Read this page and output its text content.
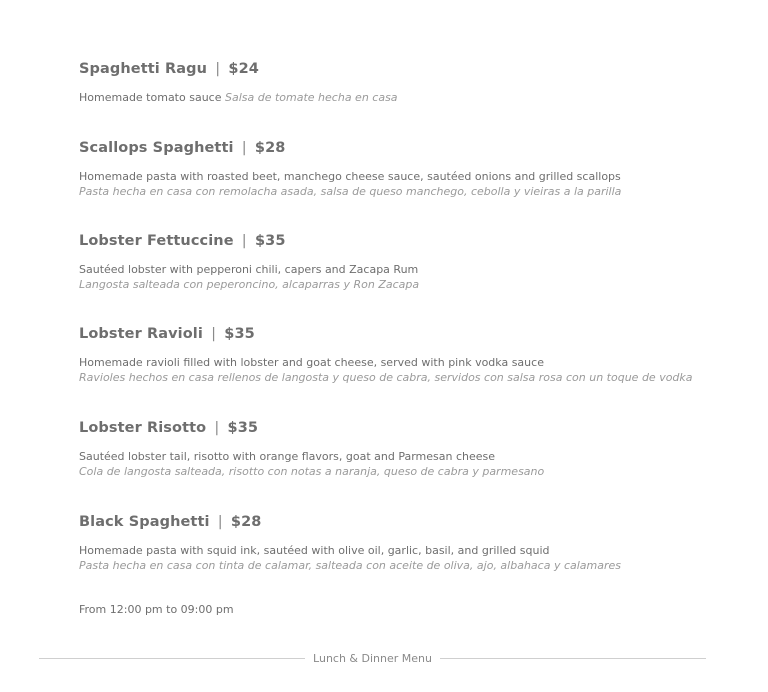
Spaghetti Ragu | $24
Homemade tomato sauce Salsa de tomate hecha en casa
Scallops Spaghetti | $28
Homemade pasta with roasted beet, manchego cheese sauce, sautéed onions and grilled scallops
Pasta hecha en casa con remolacha asada, salsa de queso manchego, cebolla y vieiras a la parilla
Lobster Fettuccine | $35
Sautéed lobster with pepperoni chili, capers and Zacapa Rum
Langosta salteada con peperoncino, alcaparras y Ron Zacapa
Lobster Ravioli | $35
Homemade ravioli filled with lobster and goat cheese, served with pink vodka sauce
Ravioles hechos en casa rellenos de langosta y queso de cabra, servidos con salsa rosa con un toque de vodka
Lobster Risotto | $35
Sautéed lobster tail, risotto with orange flavors, goat and Parmesan cheese
Cola de langosta salteada, risotto con notas a naranja, queso de cabra y parmesano
Black Spaghetti | $28
Homemade pasta with squid ink, sautéed with olive oil, garlic, basil, and grilled squid
Pasta hecha en casa con tinta de calamar, salteada con aceite de oliva, ajo, albahaca y calamares
From 12:00 pm to 09:00 pm
Lunch & Dinner Menu
